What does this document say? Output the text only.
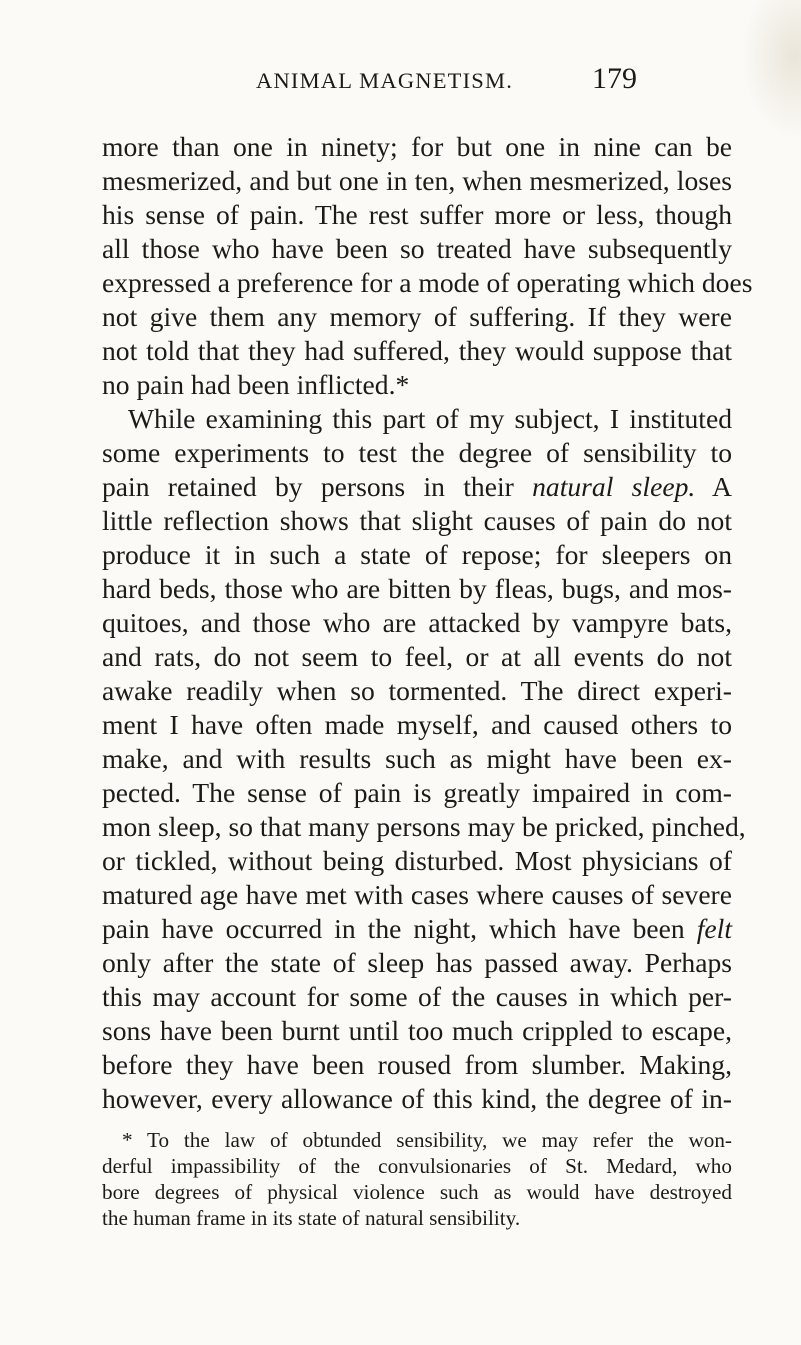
ANIMAL MAGNETISM.	179
more than one in ninety; for but one in nine can be
mesmerized, and but one in ten, when mesmerized, loses
his sense of pain. The rest suffer more or less, though
all those who have been so treated have subsequently
expressed a preference for a mode of operating which does
not give them any memory of suffering. If they were
not told that they had suffered, they would suppose that
no pain had been inflicted.*
While examining this part of my subject, I instituted
some experiments to test the degree of sensibility to
pain retained by persons in their natural sleep. A
little reflection shows that slight causes of pain do not
produce it in such a state of repose; for sleepers on
hard beds, those who are bitten by fleas, bugs, and mos-
quitoes, and those who are attacked by vampyre bats,
and rats, do not seem to feel, or at all events do not
awake readily when so tormented. The direct experi-
ment I have often made myself, and caused others to
make, and with results such as might have been ex-
pected. The sense of pain is greatly impaired in com-
mon sleep, so that many persons may be pricked, pinched,
or tickled, without being disturbed. Most physicians of
matured age have met with cases where causes of severe
pain have occurred in the night, which have been felt
only after the state of sleep has passed away. Perhaps
this may account for some of the causes in which per-
sons have been burnt until too much crippled to escape,
before they have been roused from slumber. Making,
however, every allowance of this kind, the degree of in-
* To the law of obtunded sensibility, we may refer the won-
derful impassibility of the convulsionaries of St. Medard, who
bore degrees of physical violence such as would have destroyed
the human frame in its state of natural sensibility.
